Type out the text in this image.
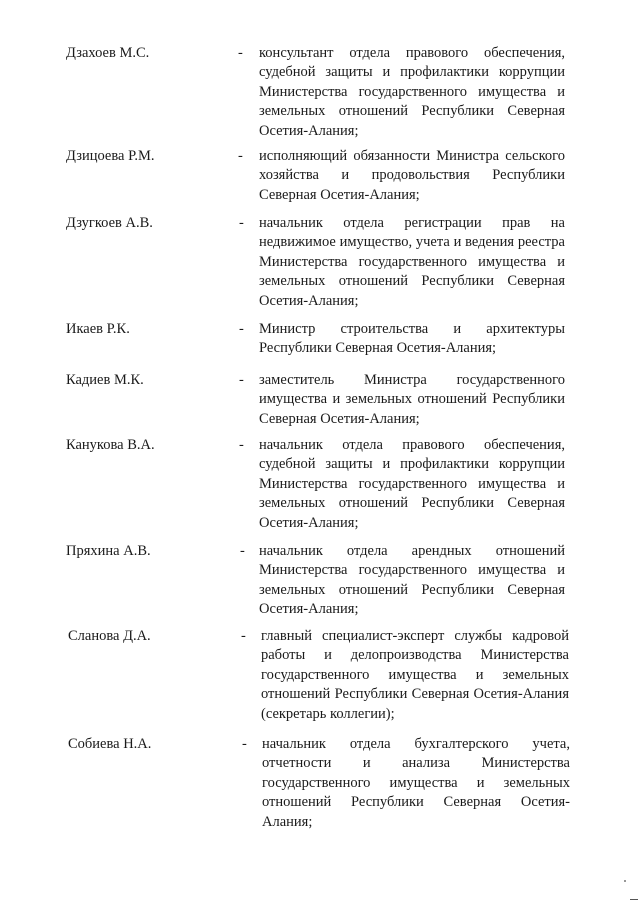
Дзахоев М.С.	- консультант отдела правового обеспечения, судебной защиты и профилактики коррупции Министерства государственного имущества и земельных отношений Республики Северная Осетия-Алания;
Дзицоева Р.М.	- исполняющий обязанности Министра сельского хозяйства и продовольствия Республики Северная Осетия-Алания;
Дзугкоев А.В.	- начальник отдела регистрации прав на недвижимое имущество, учета и ведения реестра Министерства государственного имущества и земельных отношений Республики Северная Осетия-Алания;
Икаев Р.К.	- Министр строительства и архитектуры Республики Северная Осетия-Алания;
Кадиев М.К.	- заместитель Министра государственного имущества и земельных отношений Республики Северная Осетия-Алания;
Канукова В.А.	- начальник отдела правового обеспечения, судебной защиты и профилактики коррупции Министерства государственного имущества и земельных отношений Республики Северная Осетия-Алания;
Пряхина А.В.	- начальник отдела арендных отношений Министерства государственного имущества и земельных отношений Республики Северная Осетия-Алания;
Сланова Д.А.	- главный специалист-эксперт службы кадровой работы и делопроизводства Министерства государственного имущества и земельных отношений Республики Северная Осетия-Алания (секретарь коллегии);
Собиева Н.А.	- начальник отдела бухгалтерского учета, отчетности и анализа Министерства государственного имущества и земельных отношений Республики Северная Осетия-Алания;
